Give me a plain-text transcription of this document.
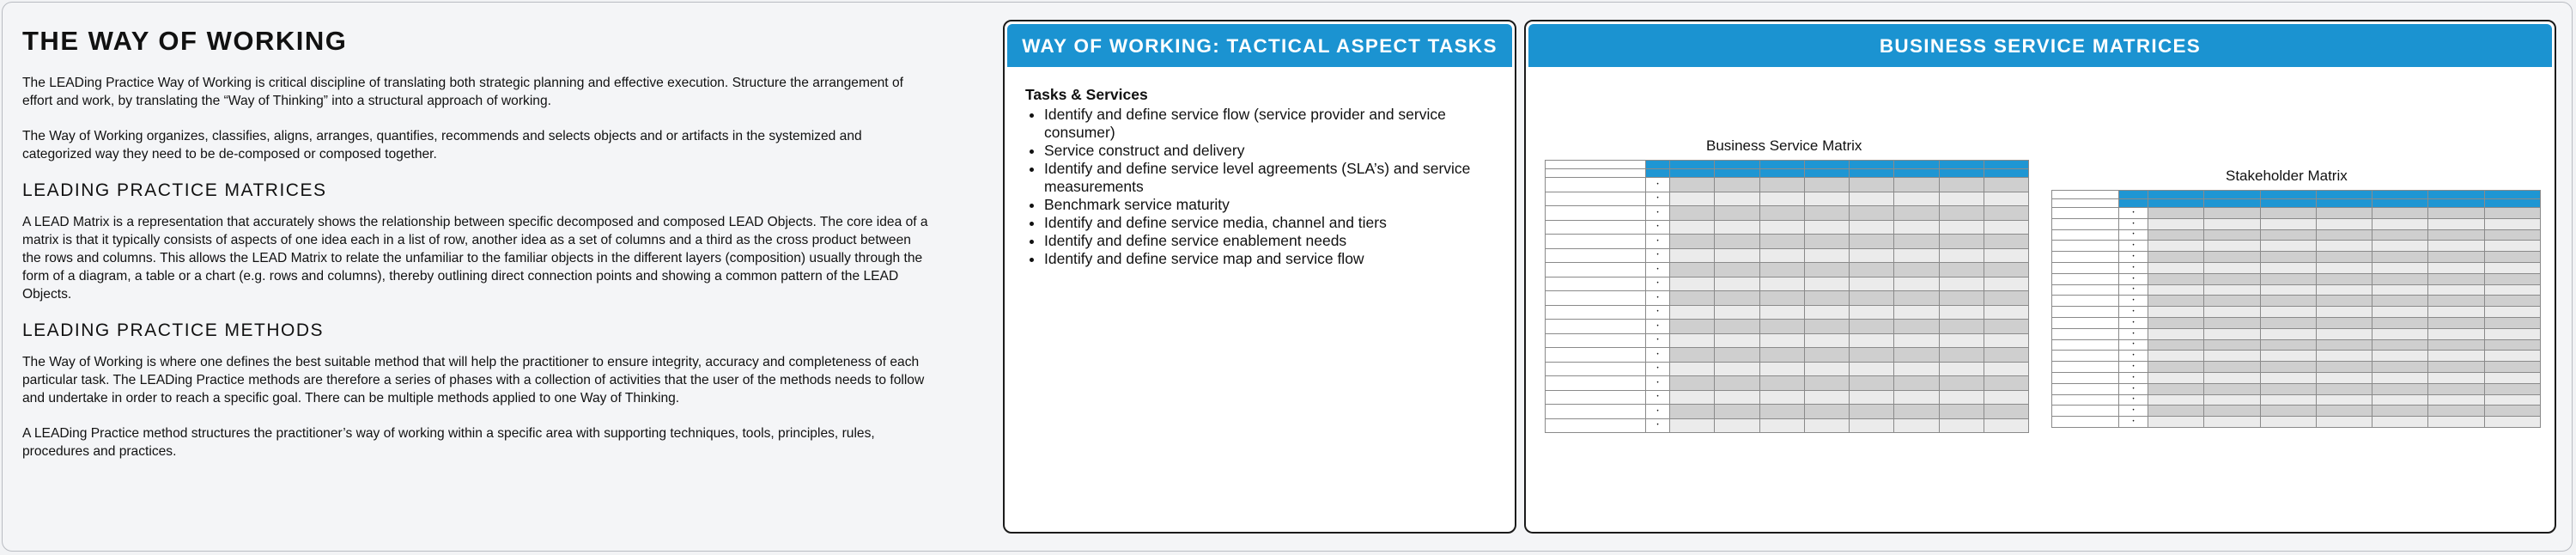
THE WAY OF WORKING

The LEADing Practice Way of Working is critical discipline of translating both strategic planning and effective execution. Structure the arrangement of effort and work, by translating the “Way of Thinking” into a structural approach of working.

The Way of Working organizes, classifies, aligns, arranges, quantifies, recommends and selects objects and or artifacts in the systemized and categorized way they need to be de-composed or composed together.

LEADING PRACTICE MATRICES

A LEAD Matrix is a representation that accurately shows the relationship between specific decomposed and composed LEAD Objects. The core idea of a matrix is that it typically consists of aspects of one idea each in a list of row, another idea as a set of columns and a third as the cross product between the rows and columns. This allows the LEAD Matrix to relate the unfamiliar to the familiar objects in the different layers (composition) usually through the form of a diagram, a table or a chart (e.g. rows and columns), thereby outlining direct connection points and showing a common pattern of the LEAD Objects.

LEADING PRACTICE METHODS

The Way of Working is where one defines the best suitable method that will help the practitioner to ensure integrity, accuracy and completeness of each particular task. The LEADing Practice methods are therefore a series of phases with a collection of activities that the user of the methods needs to follow and undertake in order to reach a specific goal. There can be multiple methods applied to one Way of Thinking.

A LEADing Practice method structures the practitioner’s way of working within a specific area with supporting techniques, tools, principles, rules, procedures and practices.

WAY OF WORKING: TACTICAL ASPECT TASKS
Tasks & Services
• Identify and define service flow (service provider and service consumer)
• Service construct and delivery
• Identify and define service level agreements (SLA’s) and service measurements
• Benchmark service maturity
• Identify and define service media, channel and tiers
• Identify and define service enablement needs
• Identify and define service map and service flow
BUSINESS SERVICE MATRICES
Business Service Matrix
Stakeholder Matrix

	•								
	•								
	•								
	•								
	•								
	•								
	•								
	•								
	•								
	•								
	•								
	•								
	•								
	•								
	•								
	•								
	•								
	•								

	•							
	•							
	•							
	•							
	•							
	•							
	•							
	•							
	•							
	•							
	•							
	•							
	•							
	•							
	•							
	•							
	•							
	•							
	•							
	•							
